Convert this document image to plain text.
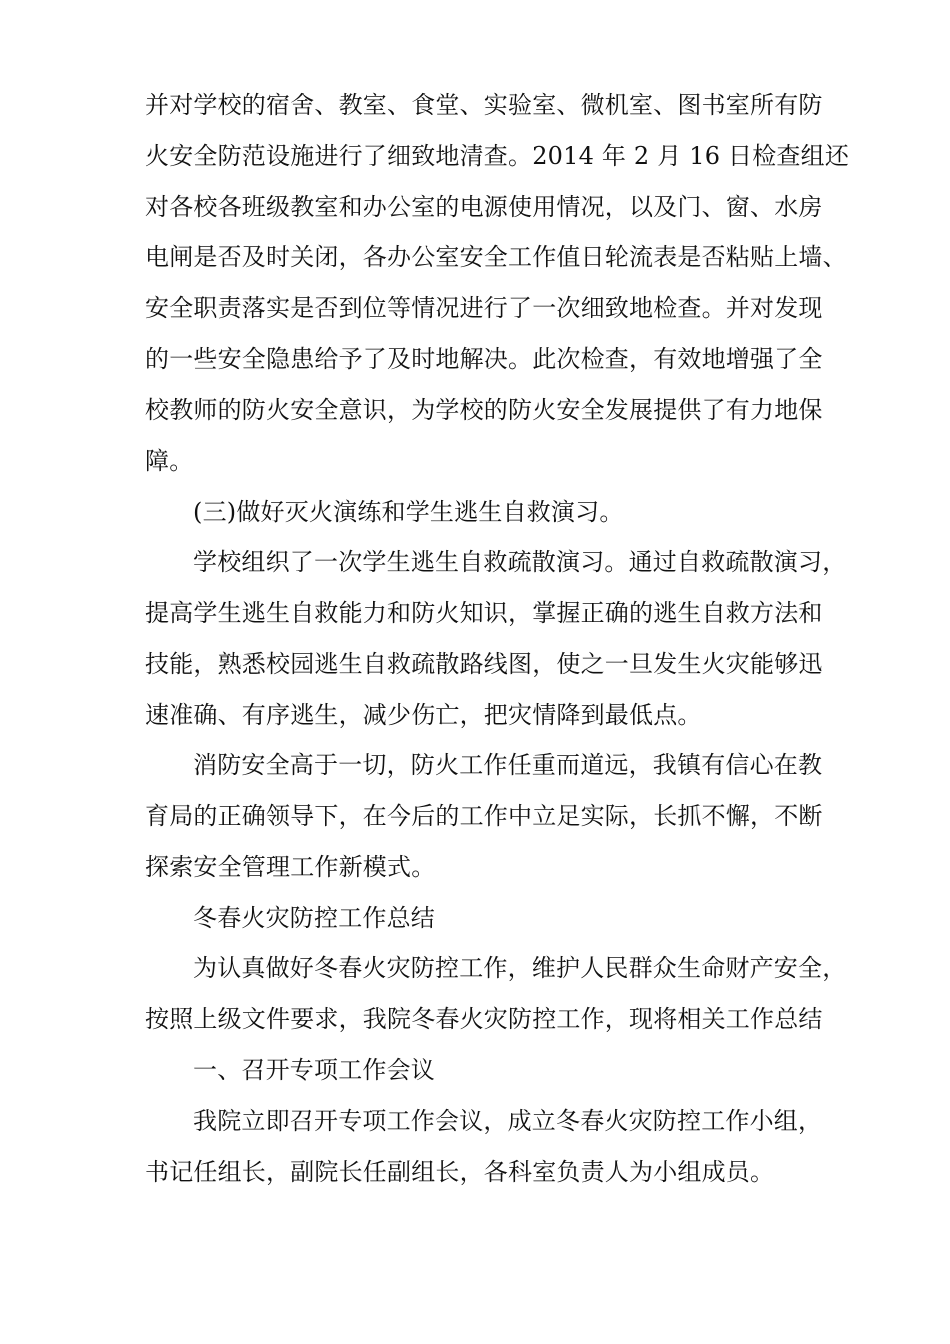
并对学校的宿舍、教室、食堂、实验室、微机室、图书室所有防
火安全防范设施进行了细致地清查。2014 年 2 月 16 日检查组还
对各校各班级教室和办公室的电源使用情况，以及门、窗、水房
电闸是否及时关闭，各办公室安全工作值日轮流表是否粘贴上墙、
安全职责落实是否到位等情况进行了一次细致地检查。并对发现
的一些安全隐患给予了及时地解决。此次检查，有效地增强了全
校教师的防火安全意识，为学校的防火安全发展提供了有力地保
障。
(三)做好灭火演练和学生逃生自救演习。
学校组织了一次学生逃生自救疏散演习。通过自救疏散演习，
提高学生逃生自救能力和防火知识，掌握正确的逃生自救方法和
技能，熟悉校园逃生自救疏散路线图，使之一旦发生火灾能够迅
速准确、有序逃生，减少伤亡，把灾情降到最低点。
消防安全高于一切，防火工作任重而道远，我镇有信心在教
育局的正确领导下，在今后的工作中立足实际，长抓不懈，不断
探索安全管理工作新模式。
冬春火灾防控工作总结
为认真做好冬春火灾防控工作，维护人民群众生命财产安全，
按照上级文件要求，我院冬春火灾防控工作，现将相关工作总结
一、召开专项工作会议
我院立即召开专项工作会议，成立冬春火灾防控工作小组，
书记任组长，副院长任副组长，各科室负责人为小组成员。
